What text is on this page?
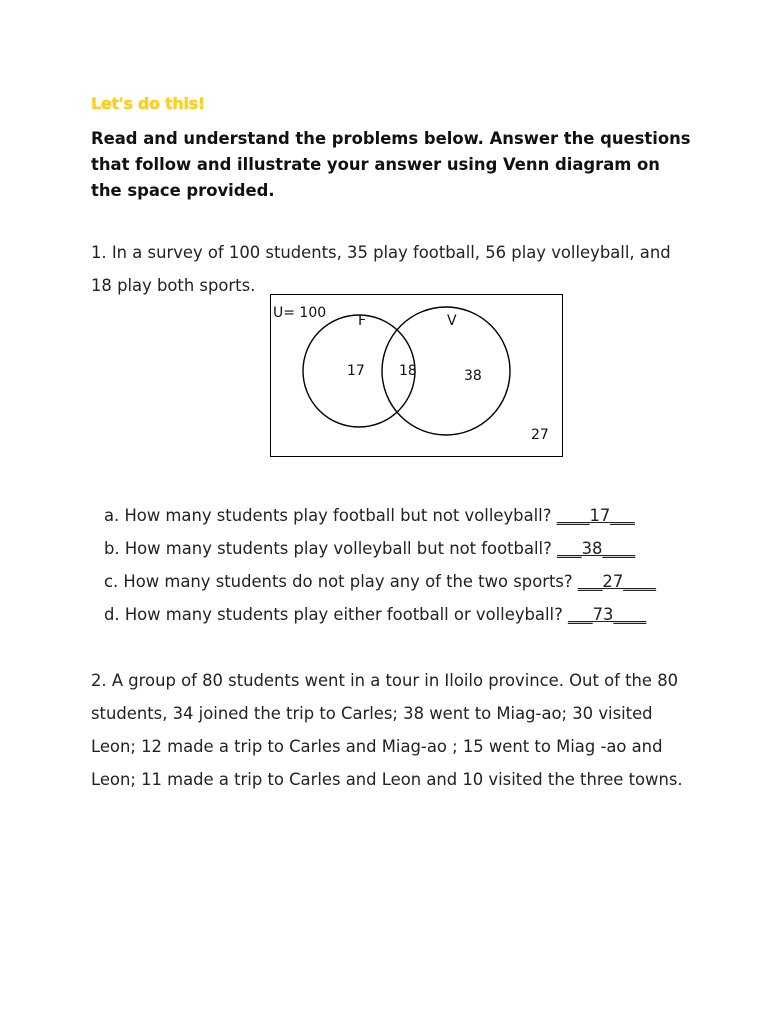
Let's do this!
Read and understand the problems below. Answer the questions that follow and illustrate your answer using Venn diagram on the space provided.
1. In a survey of 100 students, 35 play football, 56 play volleyball, and 18 play both sports.
U= 100 F	V
17 18	38
27
a. How many students play football but not volleyball? ____17___
b. How many students play volleyball but not football? ___38____
c. How many students do not play any of the two sports? ___27____
d. How many students play either football or volleyball? ___73____
2. A group of 80 students went in a tour in Iloilo province. Out of the 80 students, 34 joined the trip to Carles; 38 went to Miag-ao; 30 visited Leon; 12 made a trip to Carles and Miag-ao ; 15 went to Miag -ao and Leon; 11 made a trip to Carles and Leon and 10 visited the three towns.
